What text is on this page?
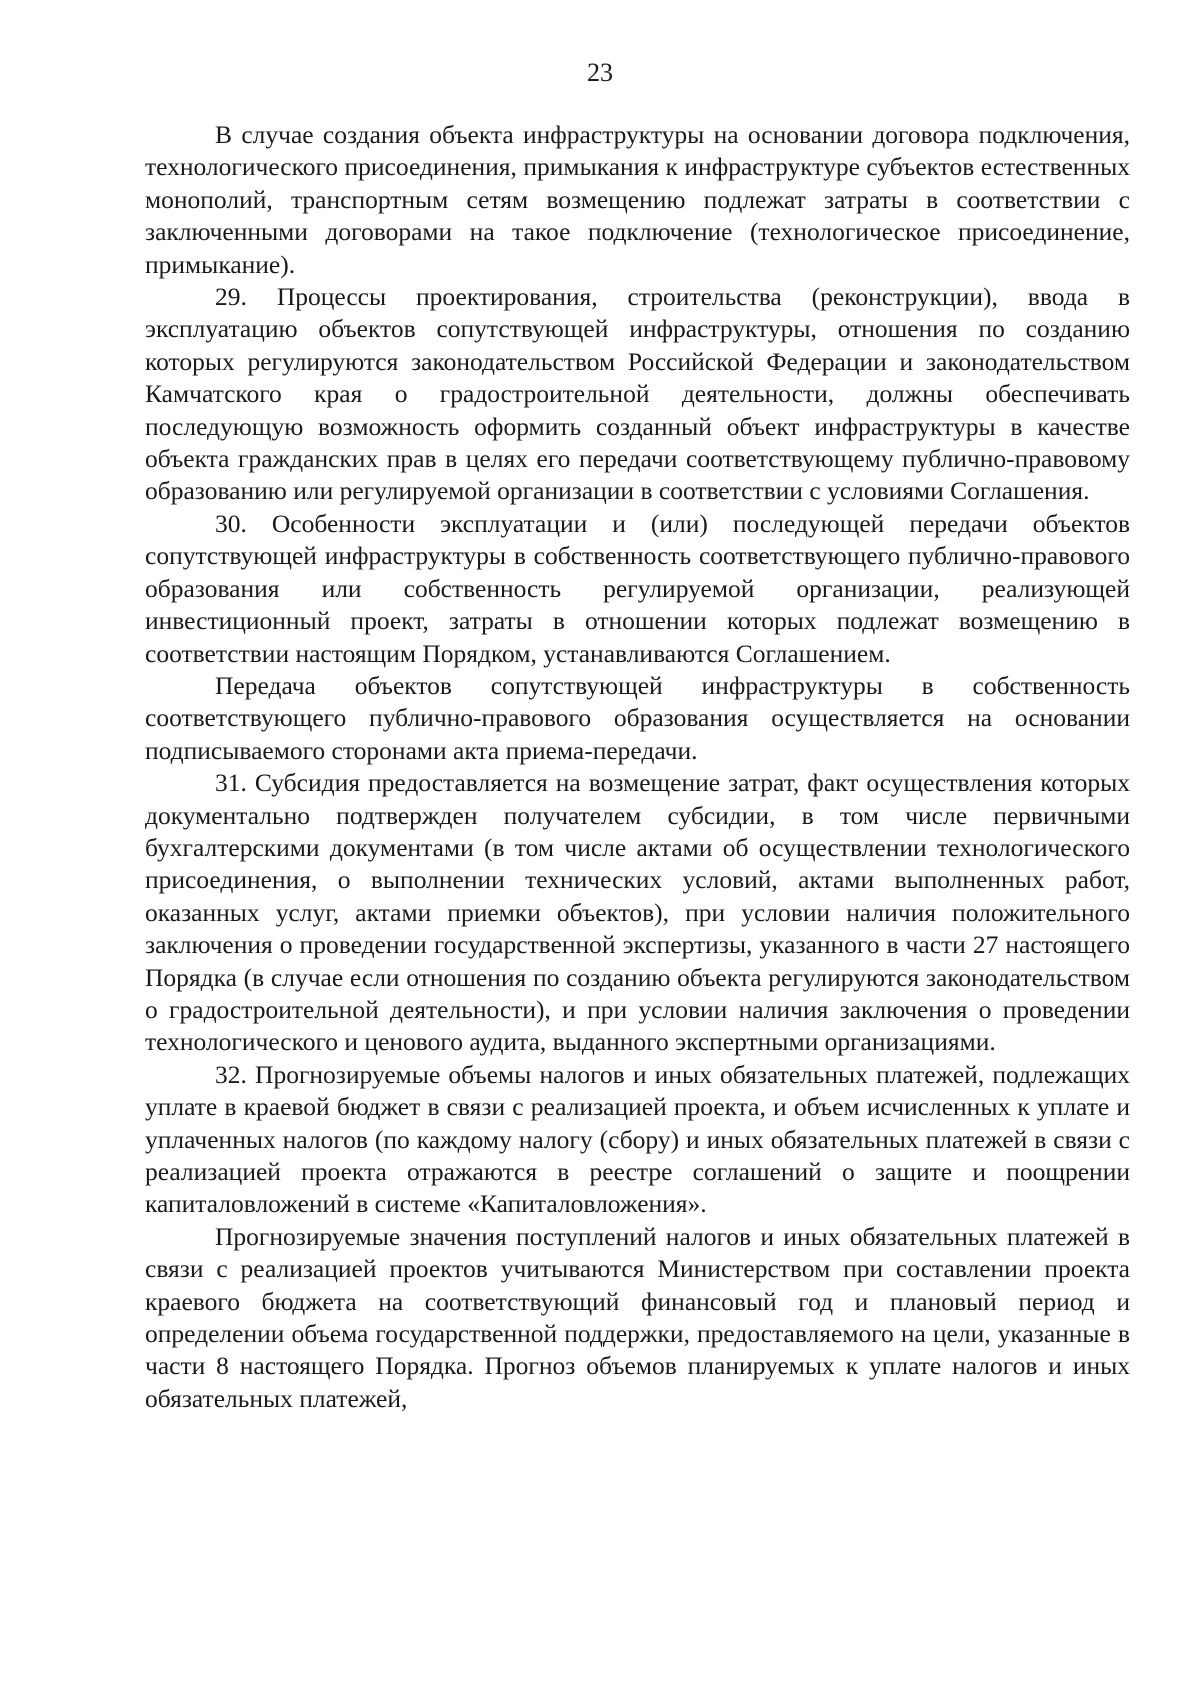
23

В случае создания объекта инфраструктуры на основании договора подключения, технологического присоединения, примыкания к инфраструктуре субъектов естественных монополий, транспортным сетям возмещению подлежат затраты в соответствии с заключенными договорами на такое подключение (технологическое присоединение, примыкание).

29. Процессы проектирования, строительства (реконструкции), ввода в эксплуатацию объектов сопутствующей инфраструктуры, отношения по созданию которых регулируются законодательством Российской Федерации и законодательством Камчатского края о градостроительной деятельности, должны обеспечивать последующую возможность оформить созданный объект инфраструктуры в качестве объекта гражданских прав в целях его передачи соответствующему публично-правовому образованию или регулируемой организации в соответствии с условиями Соглашения.

30. Особенности эксплуатации и (или) последующей передачи объектов сопутствующей инфраструктуры в собственность соответствующего публично-правового образования или собственность регулируемой организации, реализующей инвестиционный проект, затраты в отношении которых подлежат возмещению в соответствии настоящим Порядком, устанавливаются Соглашением.

Передача объектов сопутствующей инфраструктуры в собственность соответствующего публично-правового образования осуществляется на основании подписываемого сторонами акта приема-передачи.

31. Субсидия предоставляется на возмещение затрат, факт осуществления которых документально подтвержден получателем субсидии, в том числе первичными бухгалтерскими документами (в том числе актами об осуществлении технологического присоединения, о выполнении технических условий, актами выполненных работ, оказанных услуг, актами приемки объектов), при условии наличия положительного заключения о проведении государственной экспертизы, указанного в части 27 настоящего Порядка (в случае если отношения по созданию объекта регулируются законодательством о градостроительной деятельности), и при условии наличия заключения о проведении технологического и ценового аудита, выданного экспертными организациями.

32. Прогнозируемые объемы налогов и иных обязательных платежей, подлежащих уплате в краевой бюджет в связи с реализацией проекта, и объем исчисленных к уплате и уплаченных налогов (по каждому налогу (сбору) и иных обязательных платежей в связи с реализацией проекта отражаются в реестре соглашений о защите и поощрении капиталовложений в системе «Капиталовложения».

Прогнозируемые значения поступлений налогов и иных обязательных платежей в связи с реализацией проектов учитываются Министерством при составлении проекта краевого бюджета на соответствующий финансовый год и плановый период и определении объема государственной поддержки, предоставляемого на цели, указанные в части 8 настоящего Порядка. Прогноз объемов планируемых к уплате налогов и иных обязательных платежей,
